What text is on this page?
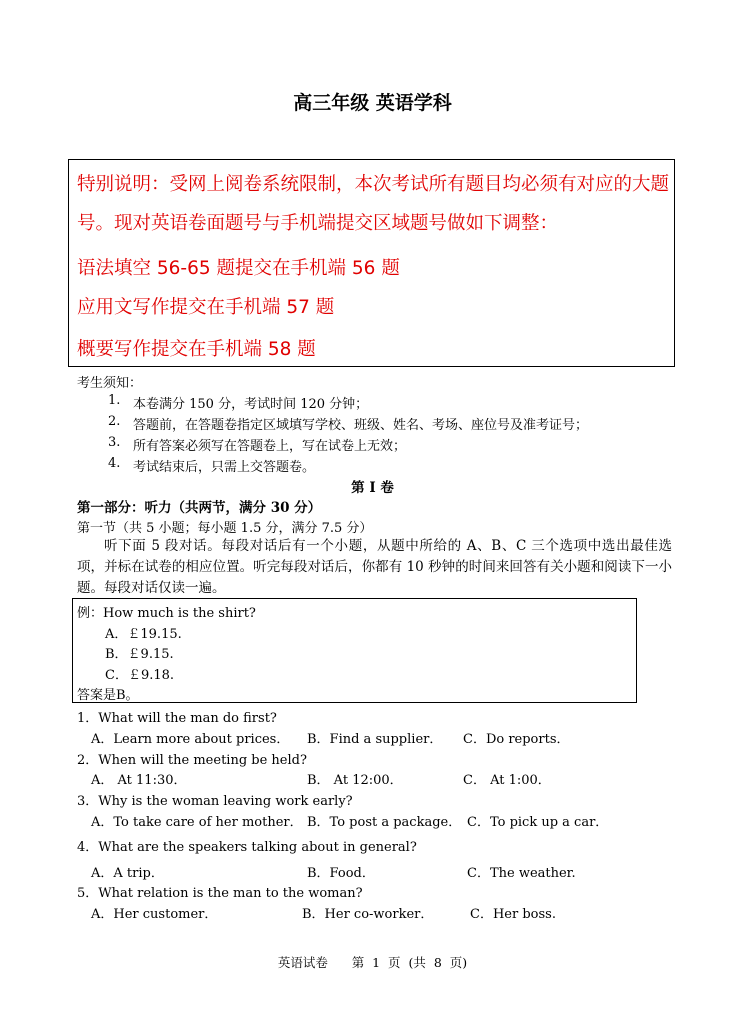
高三年级 英语学科
特别说明：受网上阅卷系统限制，本次考试所有题目均必须有对应的大题
号。现对英语卷面题号与手机端提交区域题号做如下调整：
语法填空 56-65 题提交在手机端 56 题
应用文写作提交在手机端 57 题
概要写作提交在手机端 58 题
考生须知：
1. 本卷满分 150 分，考试时间 120 分钟；
2. 答题前，在答题卷指定区域填写学校、班级、姓名、考场、座位号及准考证号；
3. 所有答案必须写在答题卷上，写在试卷上无效；
4. 考试结束后，只需上交答题卷。
第 I 卷
第一部分：听力（共两节，满分 30 分）
第一节（共 5 小题；每小题 1.5 分，满分 7.5 分）
听下面 5 段对话。每段对话后有一个小题，从题中所给的 A、B、C 三个选项中选出最佳选项，并标在试卷的相应位置。听完每段对话后，你都有 10 秒钟的时间来回答有关小题和阅读下一小题。每段对话仅读一遍。
例：How much is the shirt?
A．￡19.15.
B．￡9.15.
C．￡9.18.
答案是B。
1．What will the man do first?
A．Learn more about prices． B．Find a supplier． C．Do reports．
2．When will the meeting be held?
A． At 11:30．	B． At 12:00．	C． At 1:00．
3．Why is the woman leaving work early?
A．To take care of her mother． B．To post a package． C．To pick up a car．
4．What are the speakers talking about in general?
A．A trip．	B．Food．	C．The weather.
5．What relation is the man to the woman?
A．Her customer．	B．Her co-worker．	C．Her boss.
英语试卷      第  1  页  (共  8  页)
